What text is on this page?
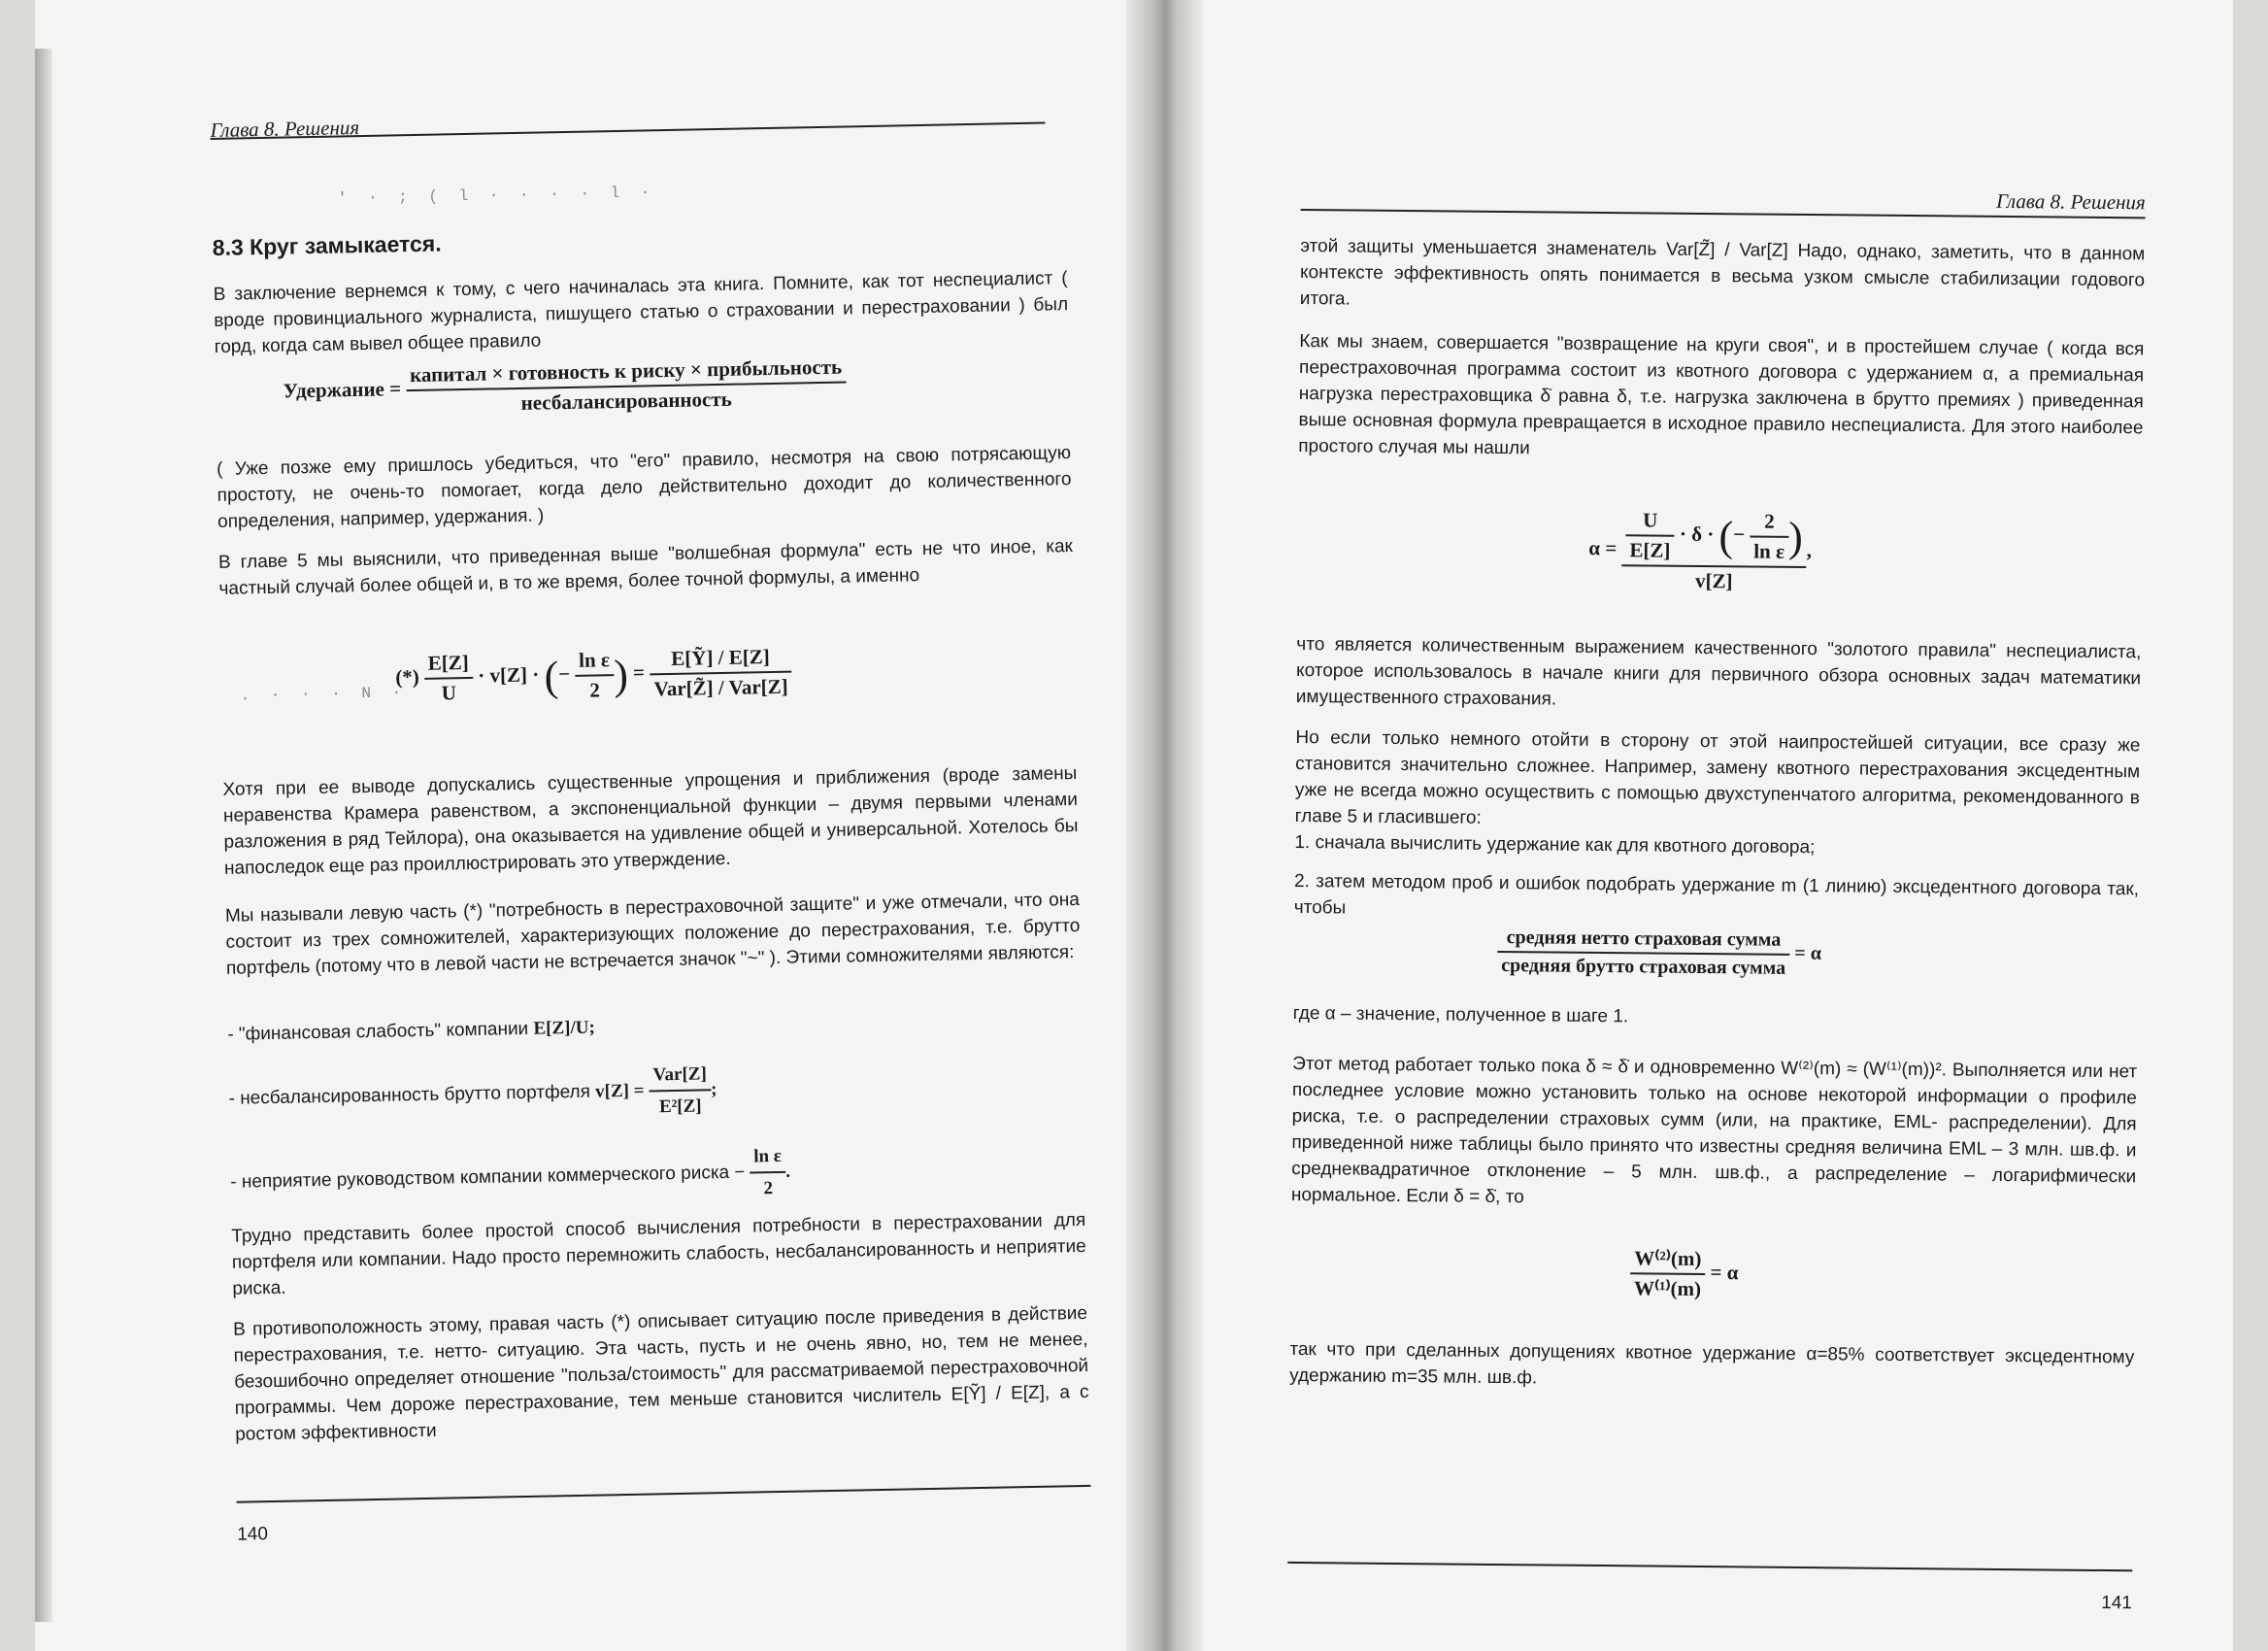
Глава 8. Решения
' · ; ( l · · · · l ·
8.3 Круг замыкается.
В заключение вернемся к тому, с чего начиналась эта книга. Помните, как тот неспециалист ( вроде провинциального журналиста, пишущего статью о страховании и перестраховании ) был горд, когда сам вывел общее правило
Удержание = $\frac{\text{капитал × готовность к риску × прибыльность}}{\text{несбалансированность}}$
( Уже позже ему пришлось убедиться, что "его" правило, несмотря на свою потрясающую простоту, не очень-то помогает, когда дело действительно доходит до количественного определения, например, удержания. )
В главе 5 мы выяснили, что приведенная выше "волшебная формула" есть не что иное, как частный случай более общей и, в то же время, более точной формулы, а именно
. · · · N ·
(*) $\frac{E[Z]}{U} \cdot v[Z]$ · (− $\frac{\text{ln ε}}{2}$
) = $\frac{\text{E[Ỹ] / E[Z]}}{\text{Var[Z̃] / Var[Z]}}$
Хотя при ее выводе допускались существенные упрощения и приближения (вроде замены неравенства Крамера равенством, а экспоненциальной функции – двумя первыми членами разложения в ряд Тейлора), она оказывается на удивление общей и универсальной. Хотелось бы напоследок еще раз проиллюстрировать это утверждение.
Мы называли левую часть (*) "потребность в перестраховочной защите" и уже отмечали, что она состоит из трех сомножителей, характеризующих положение до перестрахования, т.е. брутто портфель (потому что в левой части не встречается значок "~" ). Этими сомножителями являются:
- "финансовая слабость" компании E[Z]/U;
- несбалансированность брутто портфеля $v[Z] = \frac{\text{Var[Z]}}{\text{E²[Z]}}$ ;
- неприятие руководством компании коммерческого риска − $\frac{\text{ln ε}}{2}$ .
Трудно представить более простой способ вычисления потребности в перестраховании для портфеля или компании. Надо просто перемножить слабость, несбалансированность и неприятие риска.
В противоположность этому, правая часть (*) описывает ситуацию после приведения в действие перестрахования, т.е. нетто- ситуацию. Эта часть, пусть и не очень явно, но, тем не менее, безошибочно определяет отношение "польза/стоимость" для рассматриваемой перестраховочной программы. Чем дороже перестрахование, тем меньше становится числитель E[Ỹ] / E[Z], а с ростом эффективности
140
Глава 8. Решения
этой защиты уменьшается знаменатель Var[Z̃] / Var[Z] Надо, однако, заметить, что в данном контексте эффективность опять понимается в весьма узком смысле стабилизации годового итога.
Как мы знаем, совершается "возвращение на круги своя", и в простейшем случае ( когда вся перестраховочная программа состоит из квотного договора с удержанием α, а премиальная нагрузка перестраховщика δ̇ равна δ, т.е. нагрузка заключена в брутто премиях ) приведенная выше основная формула превращается в исходное правило неспециалиста. Для этого наиболее простого случая мы нашли
$\alpha = \frac{U}{E[Z]} \cdot \delta$ · (− $\frac{2}{\text{ln ε}}$ )
v[Z]
,
что является количественным выражением качественного "золотого правила" неспециалиста, которое использовалось в начале книги для первичного обзора основных задач математики имущественного страхования.
Но если только немного отойти в сторону от этой наипростейшей ситуации, все сразу же становится значительно сложнее. Например, замену квотного перестрахования эксцедентным уже не всегда можно осуществить с помощью двухступенчатого алгоритма, рекомендованного в главе 5 и гласившего:
1. сначала вычислить удержание как для квотного договора;
2. затем методом проб и ошибок подобрать удержание m (1 линию) эксцедентного договора так, чтобы
$\frac{\text{средняя нетто страховая сумма}}{\text{средняя брутто страховая сумма}} = \alpha$
где α – значение, полученное в шаге 1.
Этот метод работает только пока δ ≈ δ̇ и одновременно W⁽²⁾(m) ≈ (W⁽¹⁾(m))². Выполняется или нет последнее условие можно установить только на основе некоторой информации о профиле риска, т.е. о распределении страховых сумм (или, на практике, EML- распределении). Для приведенной ниже таблицы было принято что известны средняя величина EML – 3 млн. шв.ф. и среднеквадратичное отклонение – 5 млн. шв.ф., а распределение – логарифмически нормальное. Если δ = δ̇, то
$\frac{\text{W⁽²⁾(m)}}{\text{W⁽¹⁾(m)}} = \alpha$
так что при сделанных допущениях квотное удержание α=85% соответствует эксцедентному удержанию m=35 млн. шв.ф.
141
